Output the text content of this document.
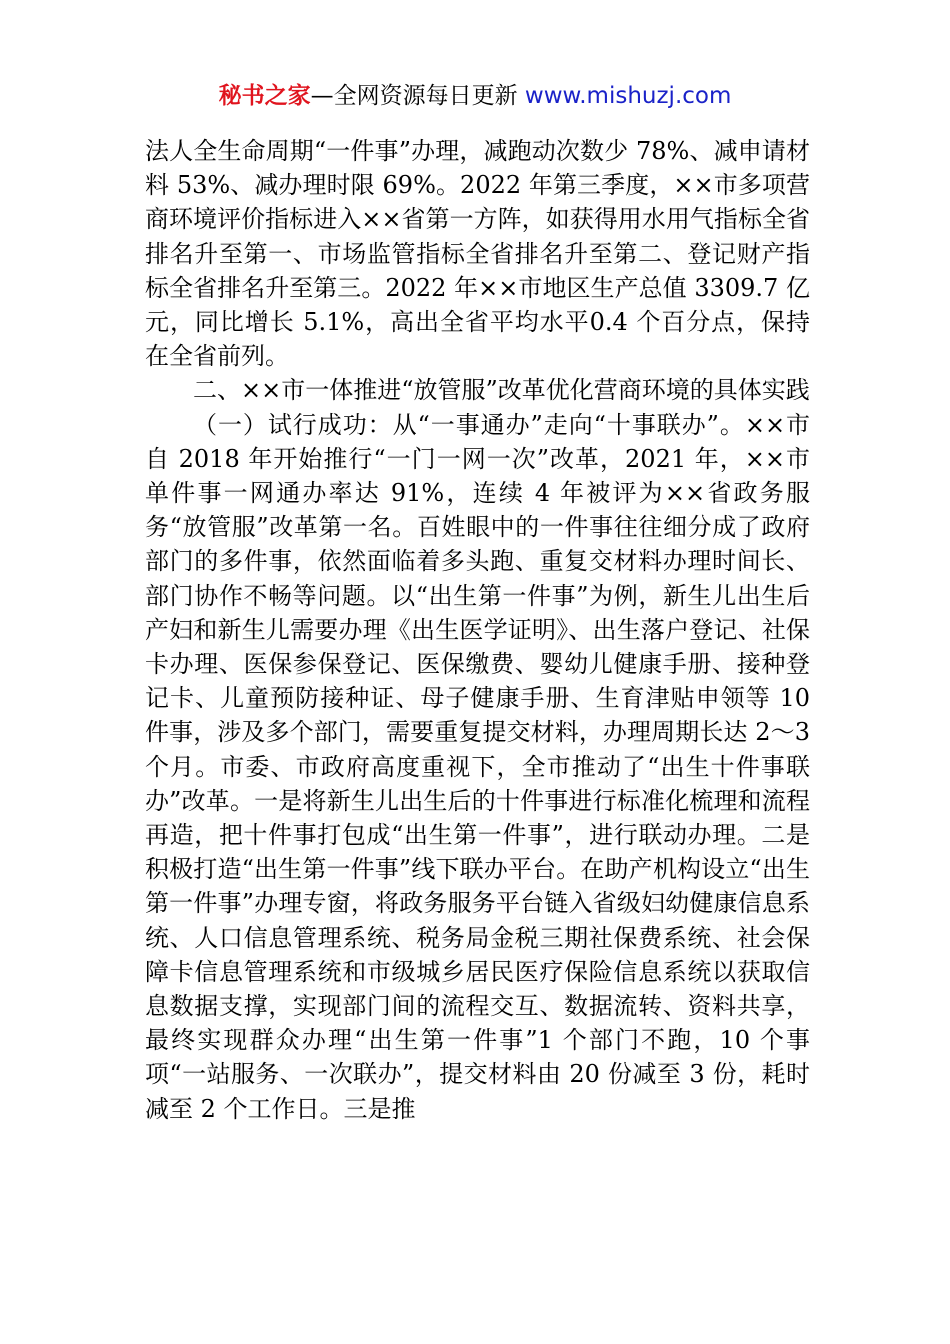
秘书之家—全网资源每日更新 www.mishuzj.com

法人全生命周期“一件事”办理，减跑动次数少 78%、减申请材料 53%、减办理时限 69%。2022 年第三季度，××市多项营商环境评价指标进入××省第一方阵，如获得用水用气指标全省排名升至第一、市场监管指标全省排名升至第二、登记财产指标全省排名升至第三。2022 年××市地区生产总值 3309.7 亿元，同比增长 5.1%，高出全省平均水平0.4 个百分点，保持在全省前列。

二、××市一体推进“放管服”改革优化营商环境的具体实践

（一）试行成功：从“一事通办”走向“十事联办”。××市自 2018 年开始推行“一门一网一次”改革，2021 年，××市单件事一网通办率达 91%，连续 4 年被评为××省政务服务“放管服”改革第一名。百姓眼中的一件事往往细分成了政府部门的多件事，依然面临着多头跑、重复交材料办理时间长、部门协作不畅等问题。以“出生第一件事”为例，新生儿出生后产妇和新生儿需要办理《出生医学证明》、出生落户登记、社保卡办理、医保参保登记、医保缴费、婴幼儿健康手册、接种登记卡、儿童预防接种证、母子健康手册、生育津贴申领等 10 件事，涉及多个部门，需要重复提交材料，办理周期长达 2～3 个月。市委、市政府高度重视下，全市推动了“出生十件事联办”改革。一是将新生儿出生后的十件事进行标准化梳理和流程再造，把十件事打包成“出生第一件事”，进行联动办理。二是积极打造“出生第一件事”线下联办平台。在助产机构设立“出生第一件事”办理专窗，将政务服务平台链入省级妇幼健康信息系统、人口信息管理系统、税务局金税三期社保费系统、社会保障卡信息管理系统和市级城乡居民医疗保险信息系统以获取信息数据支撑，实现部门间的流程交互、数据流转、资料共享，最终实现群众办理“出生第一件事”1 个部门不跑，10 个事项“一站服务、一次联办”，提交材料由 20 份减至 3 份，耗时减至 2 个工作日。三是推
